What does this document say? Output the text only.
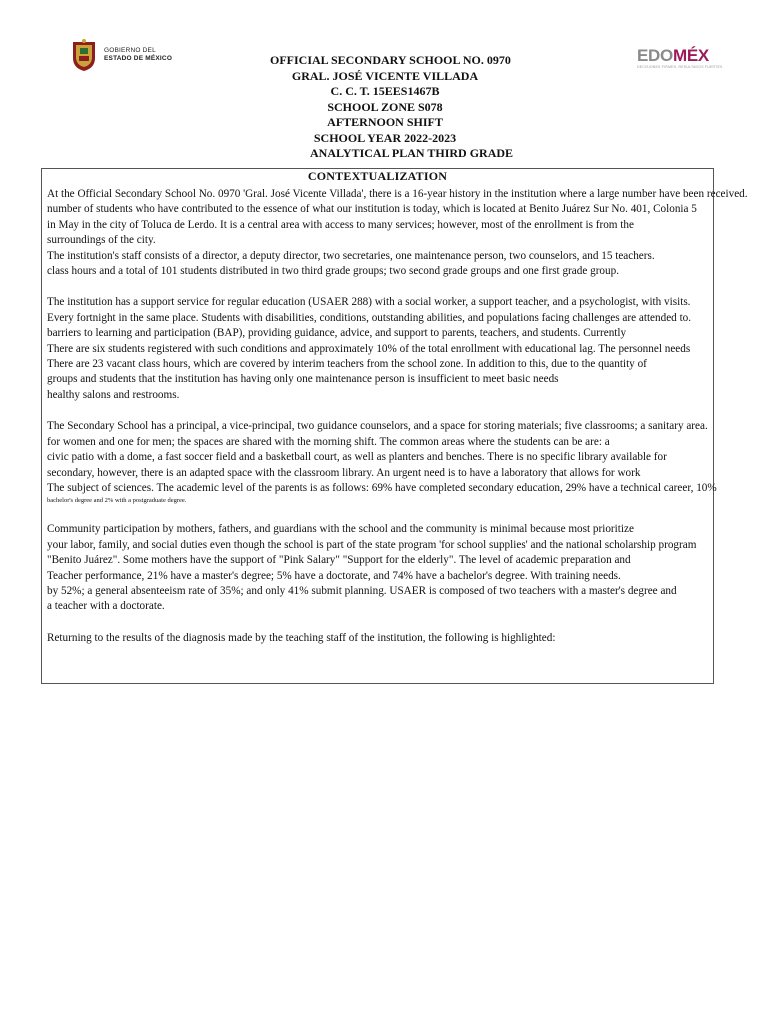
GOBIERNO DEL
ESTADO DE MÉXICO	EDOMÉX
DECISIONES FIRMES, RESULTADOS FUERTES
OFFICIAL SECONDARY SCHOOL NO. 0970
GRAL. JOSÉ VICENTE VILLADA
C. C. T. 15EES1467B
SCHOOL ZONE S078
AFTERNOON SHIFT
SCHOOL YEAR 2022-2023
ANALYTICAL PLAN THIRD GRADE
CONTEXTUALIZATION
At the Official Secondary School No. 0970 'Gral. José Vicente Villada', there is a 16-year history in the institution where a large number have been received.
number of students who have contributed to the essence of what our institution is today, which is located at Benito Juárez Sur No. 401, Colonia 5
in May in the city of Toluca de Lerdo. It is a central area with access to many services; however, most of the enrollment is from the
surroundings of the city.
The institution's staff consists of a director, a deputy director, two secretaries, one maintenance person, two counselors, and 15 teachers.
class hours and a total of 101 students distributed in two third grade groups; two second grade groups and one first grade group.
The institution has a support service for regular education (USAER 288) with a social worker, a support teacher, and a psychologist, with visits.
Every fortnight in the same place. Students with disabilities, conditions, outstanding abilities, and populations facing challenges are attended to.
barriers to learning and participation (BAP), providing guidance, advice, and support to parents, teachers, and students. Currently
There are six students registered with such conditions and approximately 10% of the total enrollment with educational lag. The personnel needs
There are 23 vacant class hours, which are covered by interim teachers from the school zone. In addition to this, due to the quantity of
groups and students that the institution has having only one maintenance person is insufficient to meet basic needs
healthy salons and restrooms.
The Secondary School has a principal, a vice-principal, two guidance counselors, and a space for storing materials; five classrooms; a sanitary area.
for women and one for men; the spaces are shared with the morning shift. The common areas where the students can be are: a
civic patio with a dome, a fast soccer field and a basketball court, as well as planters and benches. There is no specific library available for
secondary, however, there is an adapted space with the classroom library. An urgent need is to have a laboratory that allows for work
The subject of sciences. The academic level of the parents is as follows: 69% have completed secondary education, 29% have a technical career, 10%
bachelor's degree and 2% with a postgraduate degree.
Community participation by mothers, fathers, and guardians with the school and the community is minimal because most prioritize
your labor, family, and social duties even though the school is part of the state program 'for school supplies' and the national scholarship program
"Benito Juárez". Some mothers have the support of "Pink Salary" "Support for the elderly". The level of academic preparation and
Teacher performance, 21% have a master's degree; 5% have a doctorate, and 74% have a bachelor's degree. With training needs.
by 52%; a general absenteeism rate of 35%; and only 41% submit planning. USAER is composed of two teachers with a master's degree and
a teacher with a doctorate.
Returning to the results of the diagnosis made by the teaching staff of the institution, the following is highlighted:
